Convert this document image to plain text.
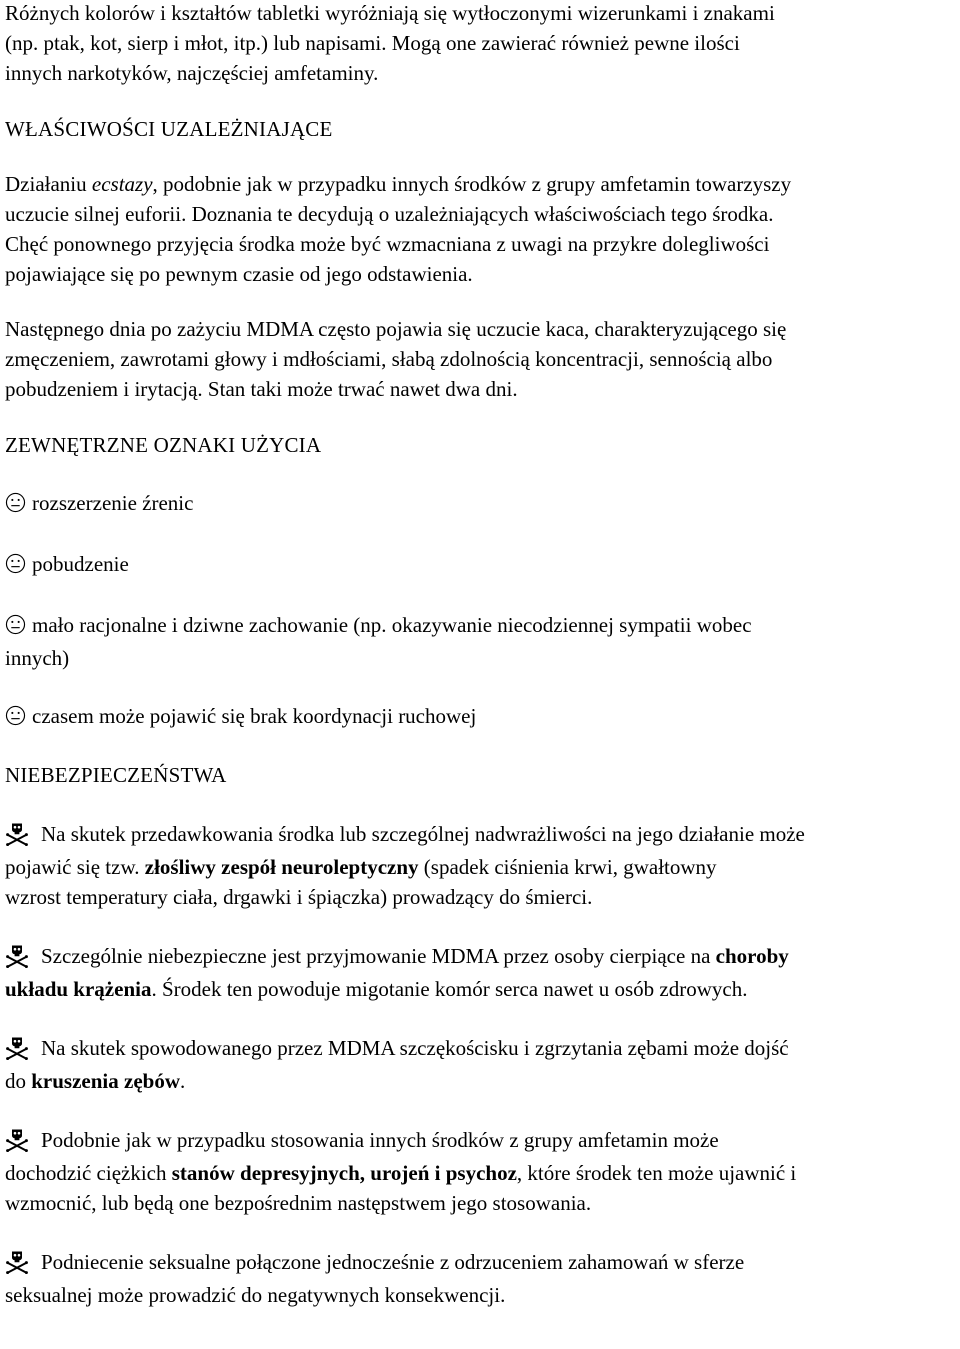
Różnych kolorów i kształtów tabletki wyróżniają się wytłoczonymi wizerunkami i znakami
(np. ptak, kot, sierp i młot, itp.) lub napisami. Mogą one zawierać również pewne ilości
innych narkotyków, najczęściej amfetaminy.

WŁAŚCIWOŚCI UZALEŻNIAJĄCE

Działaniu ecstazy, podobnie jak w przypadku innych środków z grupy amfetamin towarzyszy
uczucie silnej euforii. Doznania te decydują o uzależniających właściwościach tego środka.
Chęć ponownego przyjęcia środka może być wzmacniana z uwagi na przykre dolegliwości
pojawiające się po pewnym czasie od jego odstawienia.

Następnego dnia po zażyciu MDMA często pojawia się uczucie kaca, charakteryzującego się
zmęczeniem, zawrotami głowy i mdłościami, słabą zdolnością koncentracji, sennością albo
pobudzeniem i irytacją. Stan taki może trwać nawet dwa dni.

ZEWNĘTRZNE OZNAKI UŻYCIA

rozszerzenie źrenic

pobudzenie

mało racjonalne i dziwne zachowanie (np. okazywanie niecodziennej sympatii wobec
innych)

czasem może pojawić się brak koordynacji ruchowej

NIEBEZPIECZEŃSTWA

Na skutek przedawkowania środka lub szczególnej nadwrażliwości na jego działanie może
pojawić się tzw. złośliwy zespół neuroleptyczny (spadek ciśnienia krwi, gwałtowny
wzrost temperatury ciała, drgawki i śpiączka) prowadzący do śmierci.

Szczególnie niebezpieczne jest przyjmowanie MDMA przez osoby cierpiące na choroby
układu krążenia. Środek ten powoduje migotanie komór serca nawet u osób zdrowych.

Na skutek spowodowanego przez MDMA szczękościsku i zgrzytania zębami może dojść
do kruszenia zębów.

Podobnie jak w przypadku stosowania innych środków z grupy amfetamin może
dochodzić ciężkich stanów depresyjnych, urojeń i psychoz, które środek ten może ujawnić i
wzmocnić, lub będą one bezpośrednim następstwem jego stosowania.

Podniecenie seksualne połączone jednocześnie z odrzuceniem zahamowań w sferze
seksualnej może prowadzić do negatywnych konsekwencji.
